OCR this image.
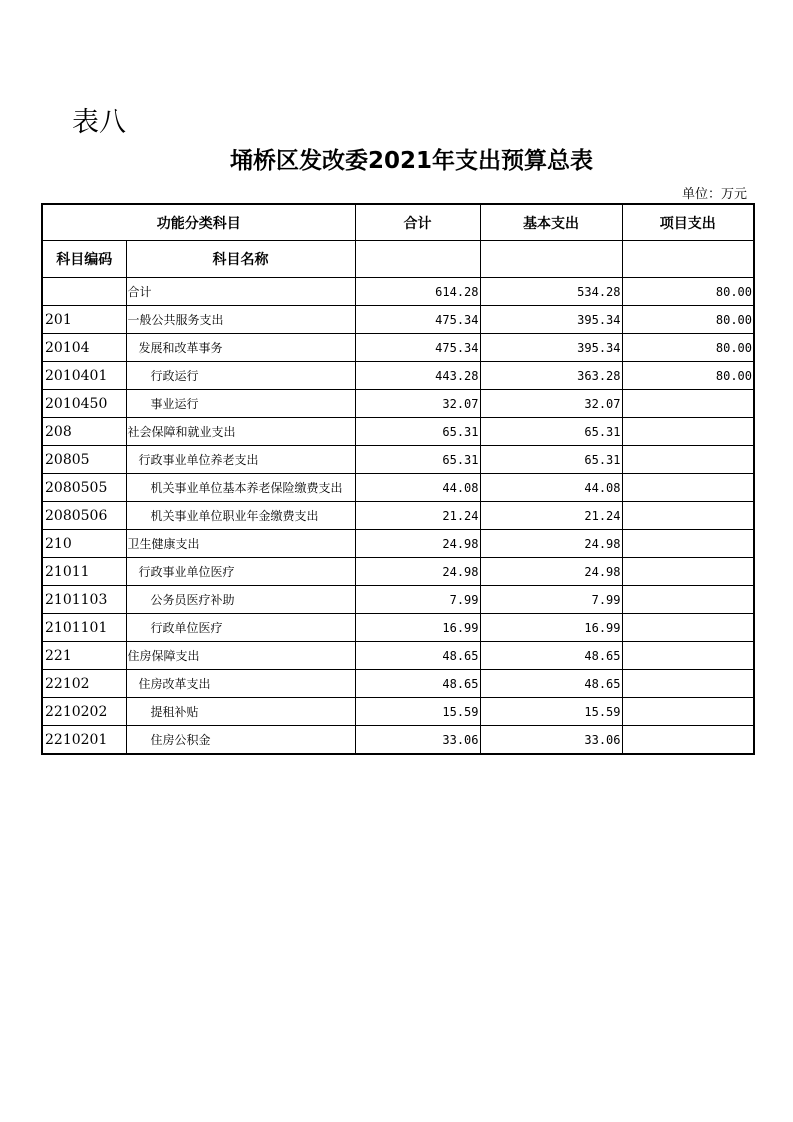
表八
埇桥区发改委2021年支出预算总表
单位：万元
功能分类科目		合计	基本支出	项目支出
科目编码	科目名称			
	合计	614.28	534.28	80.00
201	一般公共服务支出	475.34	395.34	80.00
20104	发展和改革事务	475.34	395.34	80.00
2010401	行政运行	443.28	363.28	80.00
2010450	事业运行	32.07	32.07	
208	社会保障和就业支出	65.31	65.31	
20805	行政事业单位养老支出	65.31	65.31	
2080505	机关事业单位基本养老保险缴费支出	44.08	44.08	
2080506	机关事业单位职业年金缴费支出	21.24	21.24	
210	卫生健康支出	24.98	24.98	
21011	行政事业单位医疗	24.98	24.98	
2101103	公务员医疗补助	7.99	7.99	
2101101	行政单位医疗	16.99	16.99	
221	住房保障支出	48.65	48.65	
22102	住房改革支出	48.65	48.65	
2210202	提租补贴	15.59	15.59	
2210201	住房公积金	33.06	33.06	
